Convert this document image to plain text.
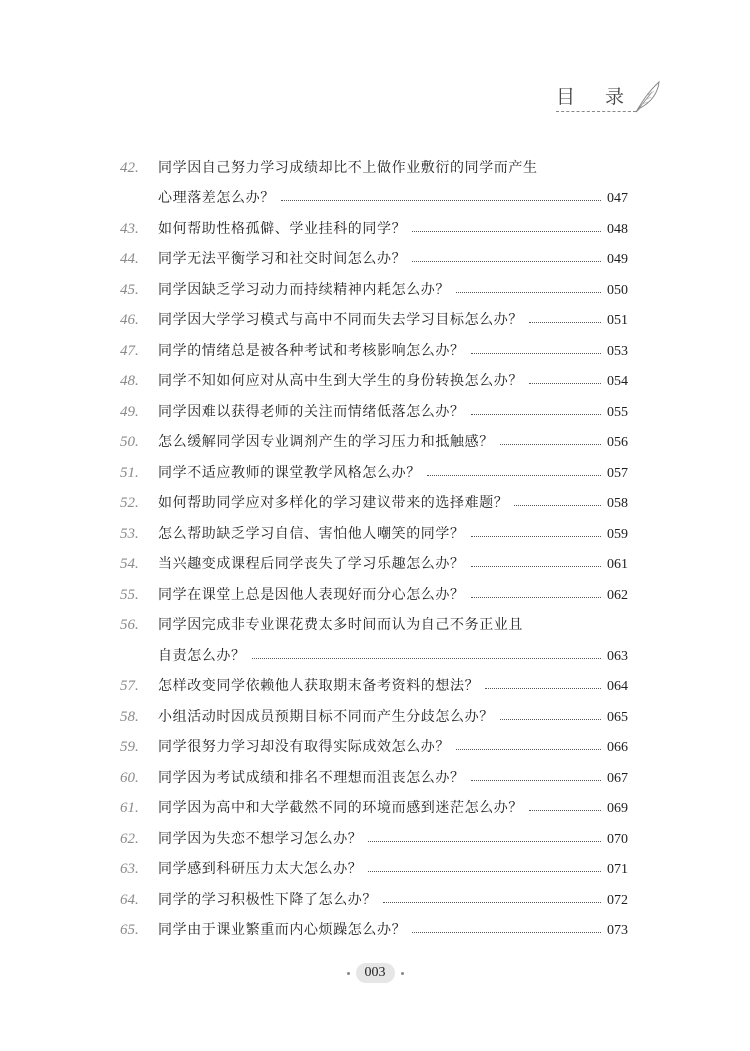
目 录
42.	同学因自己努力学习成绩却比不上做作业敷衍的同学而产生
心理落差怎么办？	047
43.	如何帮助性格孤僻、学业挂科的同学？	048
44.	同学无法平衡学习和社交时间怎么办？	049
45.	同学因缺乏学习动力而持续精神内耗怎么办？	050
46.	同学因大学学习模式与高中不同而失去学习目标怎么办？	051
47.	同学的情绪总是被各种考试和考核影响怎么办？	053
48.	同学不知如何应对从高中生到大学生的身份转换怎么办？	054
49.	同学因难以获得老师的关注而情绪低落怎么办？	055
50.	怎么缓解同学因专业调剂产生的学习压力和抵触感？	056
51.	同学不适应教师的课堂教学风格怎么办？	057
52.	如何帮助同学应对多样化的学习建议带来的选择难题？	058
53.	怎么帮助缺乏学习自信、害怕他人嘲笑的同学？	059
54.	当兴趣变成课程后同学丧失了学习乐趣怎么办？	061
55.	同学在课堂上总是因他人表现好而分心怎么办？	062
56.	同学因完成非专业课花费太多时间而认为自己不务正业且
自责怎么办？	063
57.	怎样改变同学依赖他人获取期末备考资料的想法？	064
58.	小组活动时因成员预期目标不同而产生分歧怎么办？	065
59.	同学很努力学习却没有取得实际成效怎么办？	066
60.	同学因为考试成绩和排名不理想而沮丧怎么办？	067
61.	同学因为高中和大学截然不同的环境而感到迷茫怎么办？	069
62.	同学因为失恋不想学习怎么办？	070
63.	同学感到科研压力太大怎么办？	071
64.	同学的学习积极性下降了怎么办？	072
65.	同学由于课业繁重而内心烦躁怎么办？	073
003
